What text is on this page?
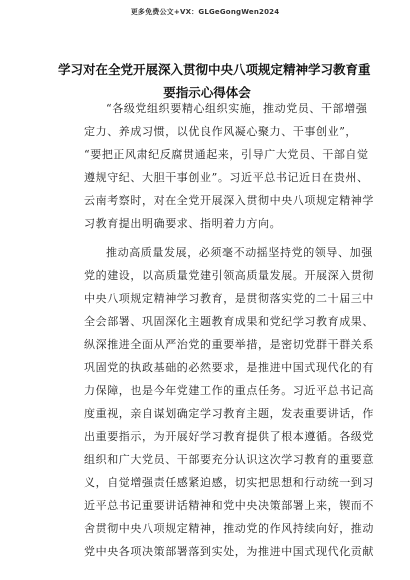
更多免费公文+VX：GLGeGongWen2024
学习对在全党开展深入贯彻中央八项规定精神学习教育重
要指示心得体会
“各级党组织要精心组织实施，推动党员、干部增强
定力、养成习惯，以优良作风凝心聚力、干事创业”，
“要把正风肃纪反腐贯通起来，引导广大党员、干部自觉
遵规守纪、大胆干事创业”。习近平总书记近日在贵州、
云南考察时，对在全党开展深入贯彻中央八项规定精神学
习教育提出明确要求、指明着力方向。
推动高质量发展，必须毫不动摇坚持党的领导、加强
党的建设，以高质量党建引领高质量发展。开展深入贯彻
中央八项规定精神学习教育，是贯彻落实党的二十届三中
全会部署、巩固深化主题教育成果和党纪学习教育成果、
纵深推进全面从严治党的重要举措，是密切党群干群关系
巩固党的执政基础的必然要求，是推进中国式现代化的有
力保障，也是今年党建工作的重点任务。习近平总书记高
度重视，亲自谋划确定学习教育主题，发表重要讲话，作
出重要指示，为开展好学习教育提供了根本遵循。各级党
组织和广大党员、干部要充分认识这次学习教育的重要意
义，自觉增强责任感紧迫感，切实把思想和行动统一到习
近平总书记重要讲话精神和党中央决策部署上来，锲而不
舍贯彻中央八项规定精神，推动党的作风持续向好，推动
党中央各项决策部署落到实处，为推进中国式现代化贡献
